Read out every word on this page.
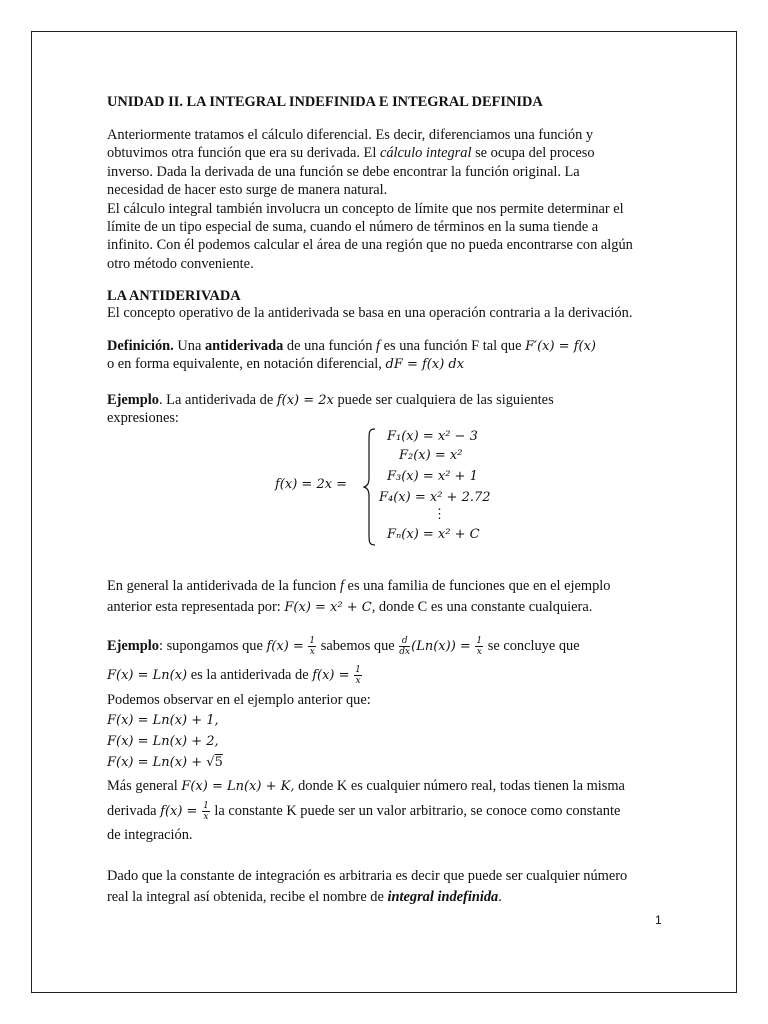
UNIDAD II. LA INTEGRAL INDEFINIDA E INTEGRAL DEFINIDA
Anteriormente tratamos el cálculo diferencial. Es decir, diferenciamos una función y
obtuvimos otra función que era su derivada. El cálculo integral se ocupa del proceso
inverso. Dada la derivada de una función se debe encontrar la función original. La
necesidad de hacer esto surge de manera natural.
El cálculo integral también involucra un concepto de límite que nos permite determinar el
límite de un tipo especial de suma, cuando el número de términos en la suma tiende a
infinito. Con él podemos calcular el área de una región que no pueda encontrarse con algún
otro método conveniente.
LA ANTIDERIVADA
El concepto operativo de la antiderivada se basa en una operación contraria a la derivación.
Definición. Una antiderivada de una función f es una función F tal que F′(x) = f(x)
o en forma equivalente, en notación diferencial, dF = f(x) dx
Ejemplo. La antiderivada de f(x) = 2x puede ser cualquiera de las siguientes
expresiones:
f(x) = 2x =
F₁(x) = x² − 3
F₂(x) = x²
F₃(x) = x² + 1
F₄(x) = x² + 2.72
⋮
Fₙ(x) = x² + C
En general la antiderivada de la funcion f es una familia de funciones que en el ejemplo
anterior esta representada por: F(x) = x² + C, donde C es una constante cualquiera.
Ejemplo: supongamos que $f(x) = \frac{1}{x}$ sabemos que $\frac{d}{dx} (Ln(x)) = \frac{1}{x}$ se concluye que
F(x) = Ln(x) es la antiderivada de $f(x) = \frac{1}{x}$
Podemos observar en el ejemplo anterior que:
F(x) = Ln(x) + 1,
F(x) = Ln(x) + 2,
F(x) = Ln(x) + √5
Más general F(x) = Ln(x) + K, donde K es cualquier número real, todas tienen la misma
derivada $f(x) = \frac{1}{x}$ la constante K puede ser un valor arbitrario, se conoce como constante
de integración.
Dado que la constante de integración es arbitraria es decir que puede ser cualquier número
real la integral así obtenida, recibe el nombre de integral indefinida.
1
